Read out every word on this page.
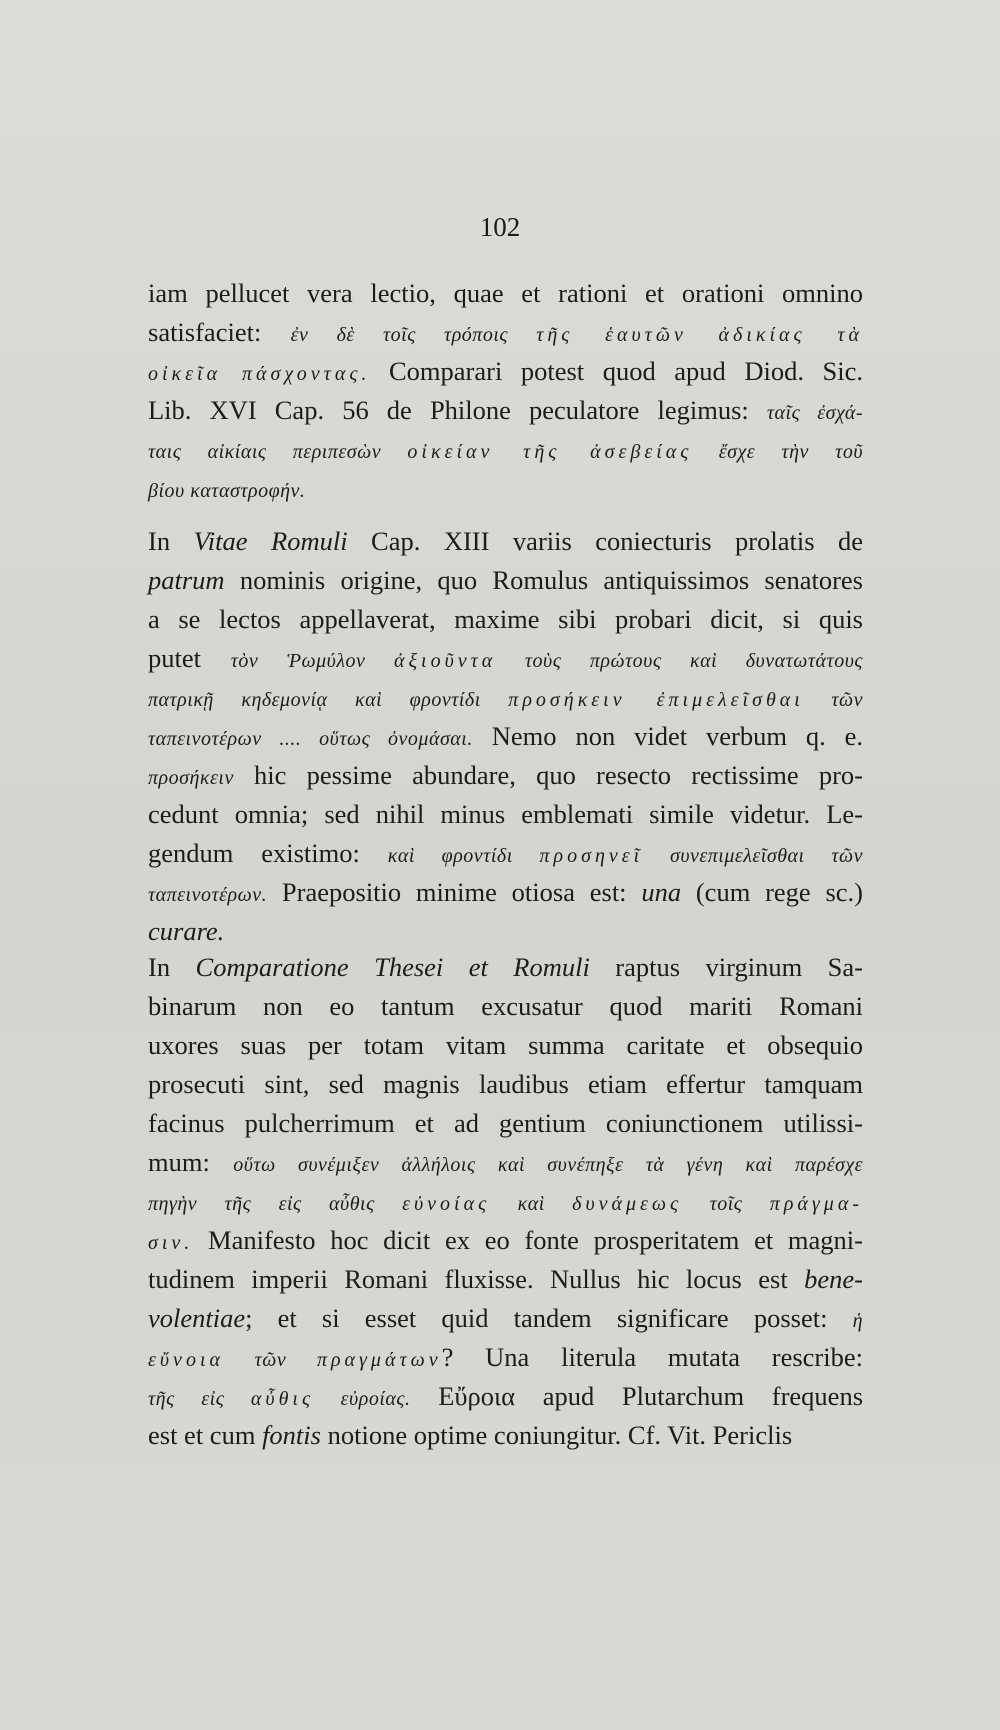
102
iam pellucet vera lectio, quae et rationi et orationi omnino
satisfaciet: ἐν δὲ τοῖς τρόποις τῆς ἑαυτῶν ἀδικίας τὰ
οἰκεῖα πάσχοντας. Comparari potest quod apud Diod. Sic.
Lib. XVI Cap. 56 de Philone peculatore legimus: ταῖς ἐσχά-
ταις αἰκίαις περιπεσὼν οἰκείαν τῆς ἀσεβείας ἔσχε τὴν τοῦ
βίου καταστροφήν.
In Vitae Romuli Cap. XIII variis coniecturis prolatis de
patrum nominis origine, quo Romulus antiquissimos senatores
a se lectos appellaverat, maxime sibi probari dicit, si quis
putet τὸν Ῥωμύλον ἀξιοῦντα τοὺς πρώτους καὶ δυνατωτάτους
πατρικῇ κηδεμονίᾳ καὶ φροντίδι προσήκειν ἐπιμελεῖσθαι τῶν
ταπεινοτέρων .... οὕτως ὀνομάσαι. Nemo non videt verbum q. e.
προσήκειν hic pessime abundare, quo resecto rectissime pro-
cedunt omnia; sed nihil minus emblemati simile videtur. Le-
gendum existimo: καὶ φροντίδι προσηνεῖ συνεπιμελεῖσθαι τῶν
ταπεινοτέρων. Praepositio minime otiosa est: una (cum rege sc.)
curare.
In Comparatione Thesei et Romuli raptus virginum Sa-
binarum non eo tantum excusatur quod mariti Romani
uxores suas per totam vitam summa caritate et obsequio
prosecuti sint, sed magnis laudibus etiam effertur tamquam
facinus pulcherrimum et ad gentium coniunctionem utilissi-
mum: οὕτω συνέμιξεν ἀλλήλοις καὶ συνέπηξε τὰ γένη καὶ παρέσχε
πηγὴν τῆς εἰς αὖθις εὐνοίας καὶ δυνάμεως τοῖς πράγμα-
σιν. Manifesto hoc dicit ex eo fonte prosperitatem et magni-
tudinem imperii Romani fluxisse. Nullus hic locus est bene-
volentiae; et si esset quid tandem significare posset: ἡ
εὔνοια τῶν πραγμάτων? Una literula mutata rescribe:
τῆς εἰς αὖθις εὐροίας. Εὔροια apud Plutarchum frequens
est et cum fontis notione optime coniungitur. Cf. Vit. Periclis
